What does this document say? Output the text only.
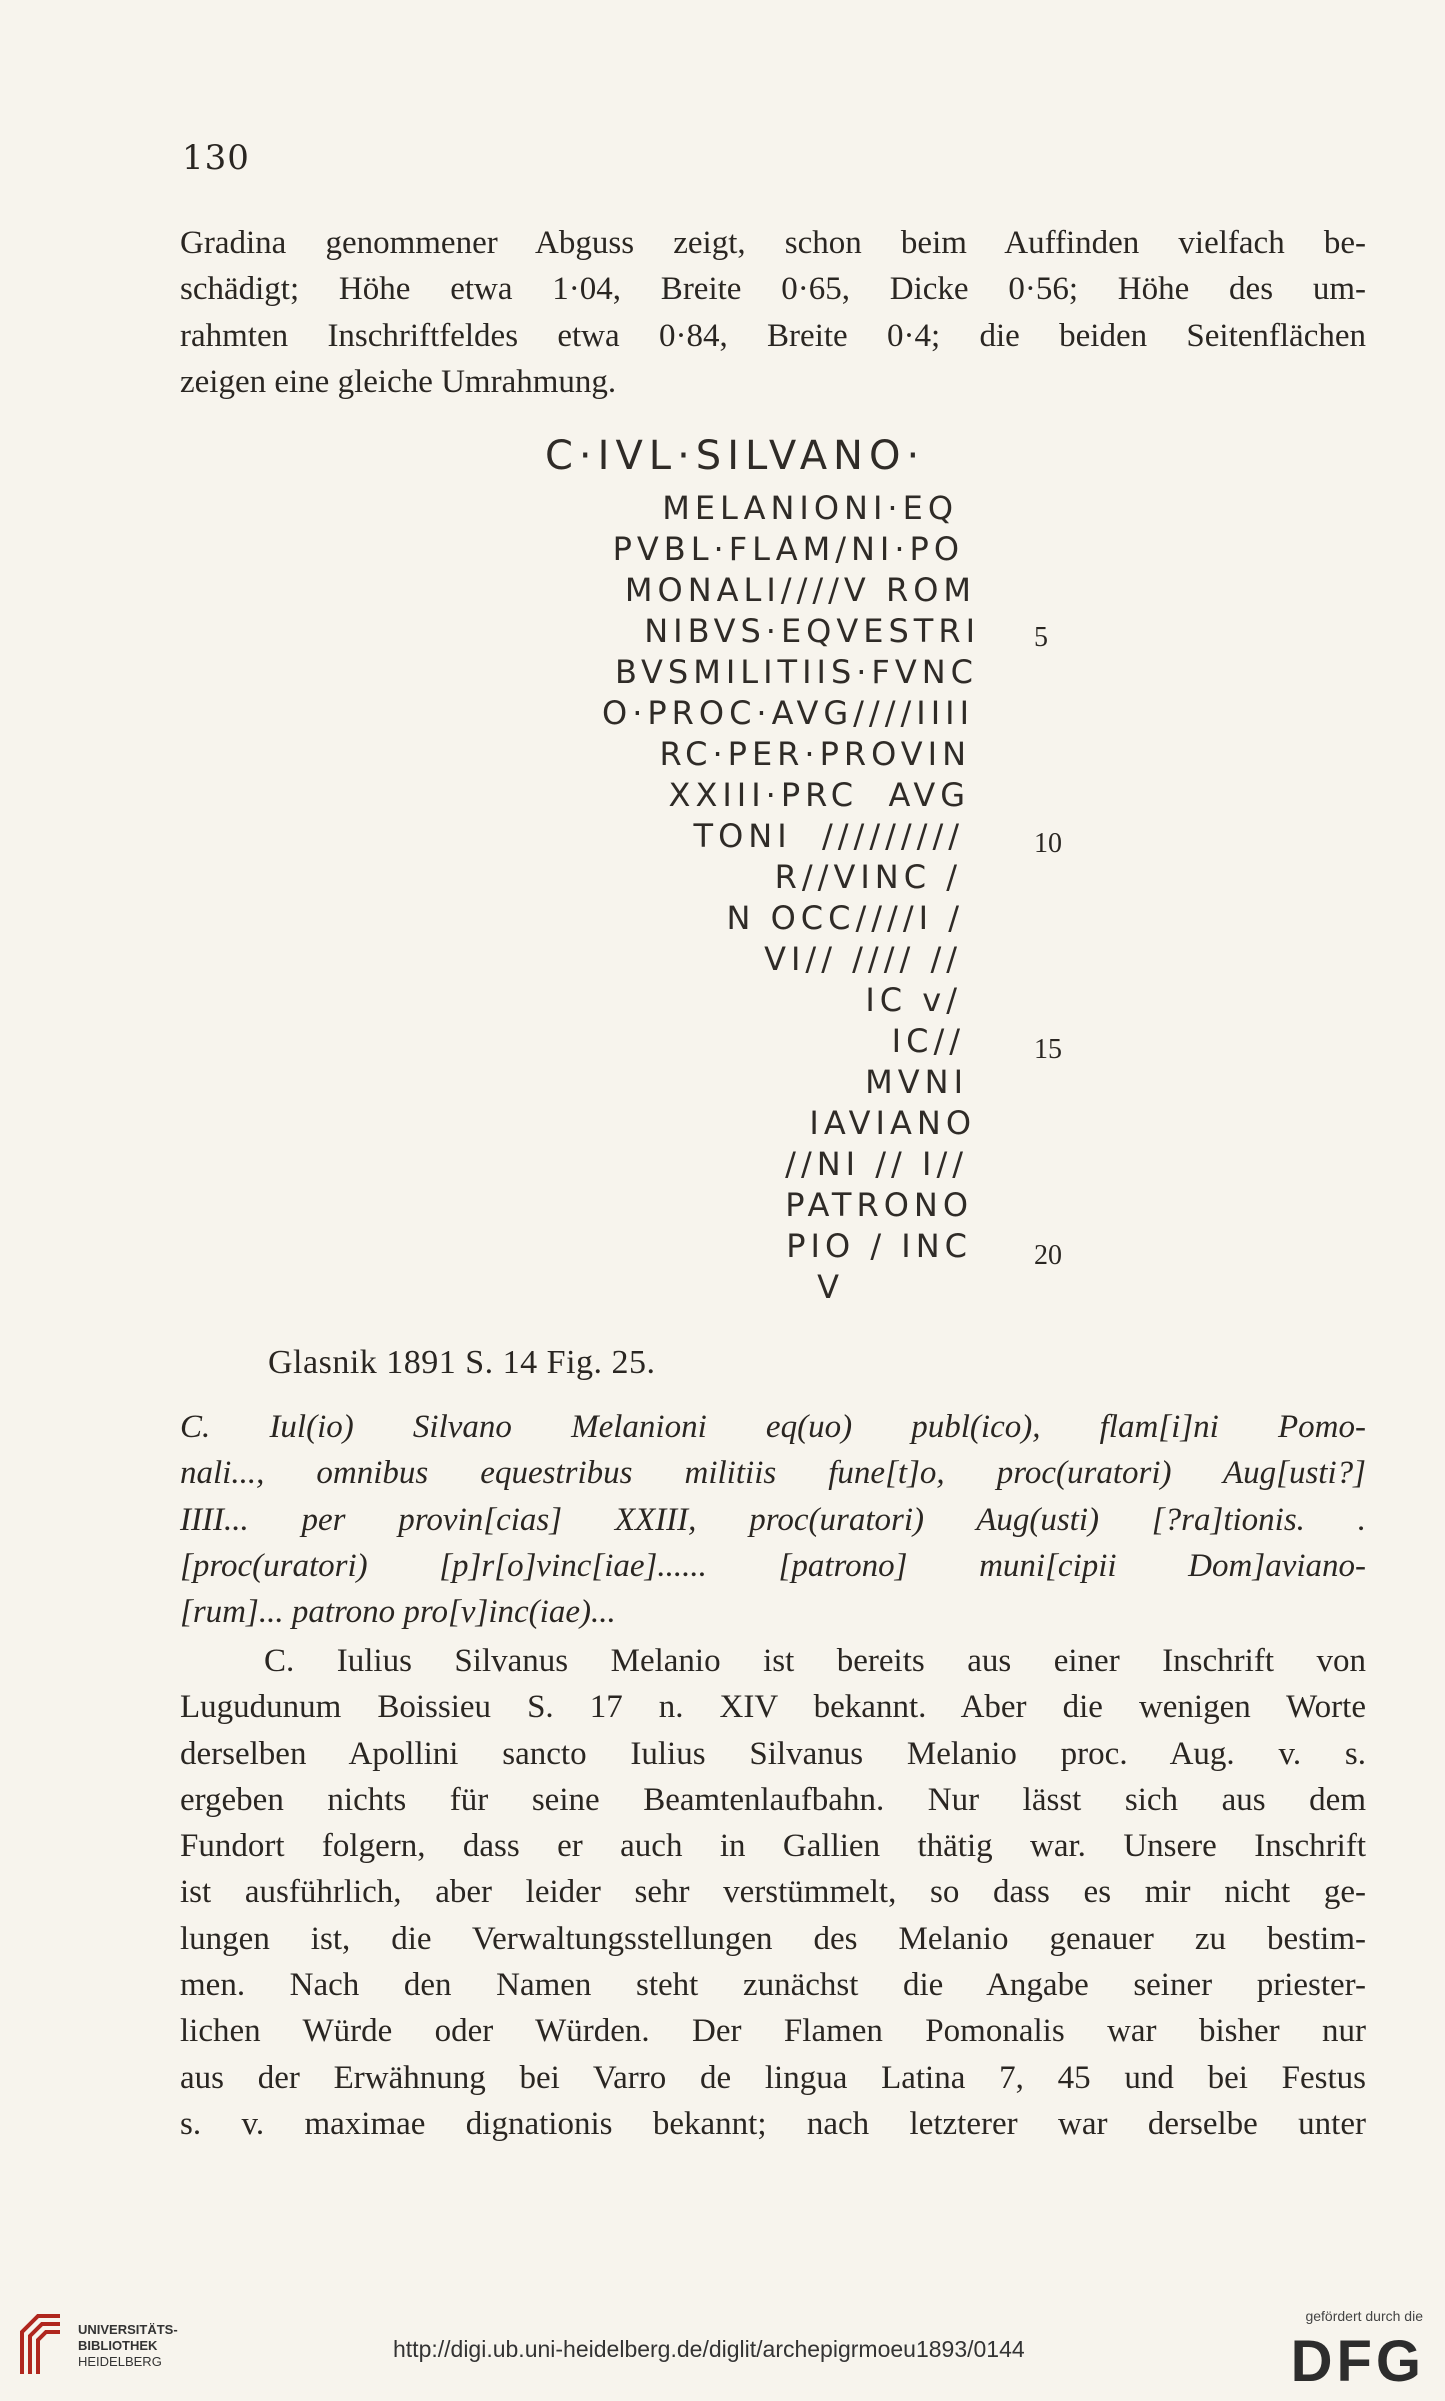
130
Gradina genommener Abguss zeigt, schon beim Auffinden vielfach be-
schädigt; Höhe etwa 1·04, Breite 0·65, Dicke 0·56; Höhe des um-
rahmten Inschriftfeldes etwa 0·84, Breite 0·4; die beiden Seitenflächen
zeigen eine gleiche Umrahmung.
C·IVL·SILVANO·
MELANIONI·EQ
PVBL·FLAM/NI·PO
MONALI////V ROM
NIBVS·EQVESTRI
BVSMILITIIS·FVNC
O·PROC·AVG////IIII
RC·PER·PROVIN
XXIII·PRC  AVG
TONI  /////////
R//VINC /
N OCC////I /
VI// //// //
IC v/
IC//
MVNI
IAVIANO
//NI // I//
PATRONO
PIO / INC
V
5
10
15
20
Glasnik 1891 S. 14 Fig. 25.
C. Iul(io) Silvano Melanioni eq(uo) publ(ico), flam[i]ni Pomo-
nali..., omnibus equestribus militiis fune[t]o, proc(uratori) Aug[usti?]
IIII... per provin[cias] XXIII, proc(uratori) Aug(usti) [?ra]tionis. .
[proc(uratori) [p]r[o]vinc[iae]...... [patrono] muni[cipii Dom]aviano-
[rum]... patrono pro[v]inc(iae)...
C. Iulius Silvanus Melanio ist bereits aus einer Inschrift von
Lugudunum Boissieu S. 17 n. XIV bekannt. Aber die wenigen Worte
derselben Apollini sancto Iulius Silvanus Melanio proc. Aug. v. s.
ergeben nichts für seine Beamtenlaufbahn. Nur lässt sich aus dem
Fundort folgern, dass er auch in Gallien thätig war. Unsere Inschrift
ist ausführlich, aber leider sehr verstümmelt, so dass es mir nicht ge-
lungen ist, die Verwaltungsstellungen des Melanio genauer zu bestim-
men. Nach den Namen steht zunächst die Angabe seiner priester-
lichen Würde oder Würden. Der Flamen Pomonalis war bisher nur
aus der Erwähnung bei Varro de lingua Latina 7, 45 und bei Festus
s. v. maximae dignationis bekannt; nach letzterer war derselbe unter
UNIVERSITÄTS-
BIBLIOTHEK
HEIDELBERG	http://digi.ub.uni-heidelberg.de/diglit/archepigrmoeu1893/0144
gefördert durch die
DFG
